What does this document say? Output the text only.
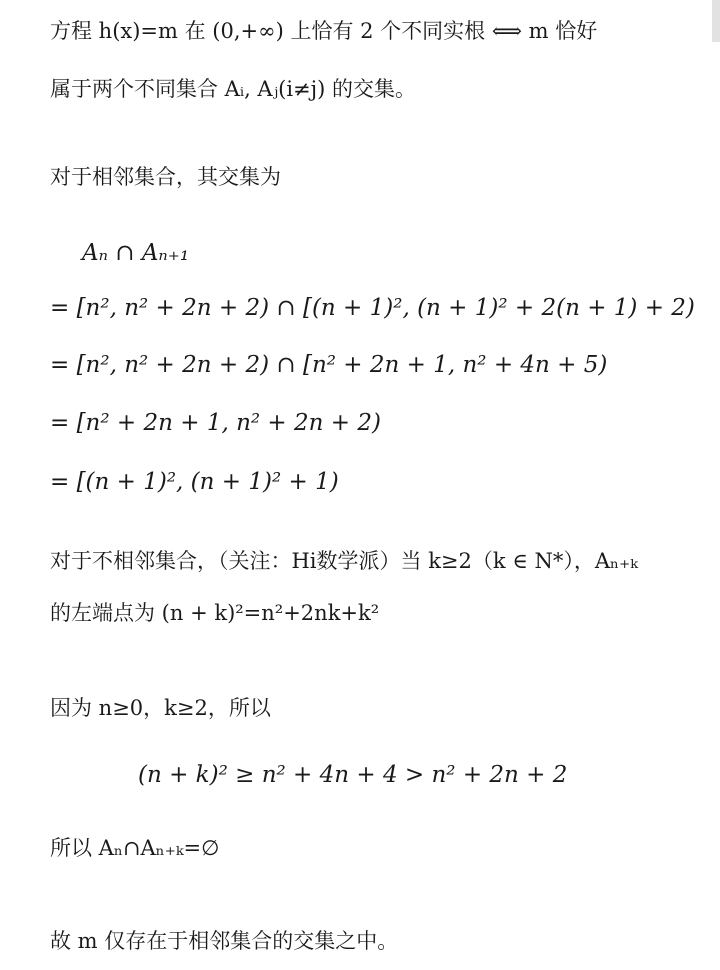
方程 h(x)=m 在 (0,+∞) 上恰有 2 个不同实根 ⟺ m 恰好
属于两个不同集合 Aᵢ, Aⱼ(i≠j) 的交集。
对于相邻集合，其交集为
Aₙ ∩ Aₙ₊₁
= [n², n² + 2n + 2) ∩ [(n + 1)², (n + 1)² + 2(n + 1) + 2)
= [n², n² + 2n + 2) ∩ [n² + 2n + 1, n² + 4n + 5)
= [n² + 2n + 1, n² + 2n + 2)
= [(n + 1)², (n + 1)² + 1)
对于不相邻集合，（关注：Hi数学派）当 k≥2（k ∈ N*），Aₙ₊ₖ
的左端点为 (n + k)²=n²+2nk+k²
因为 n≥0，k≥2，所以
(n + k)² ≥ n² + 4n + 4 > n² + 2n + 2
所以 Aₙ∩Aₙ₊ₖ=∅
故 m 仅存在于相邻集合的交集之中。
